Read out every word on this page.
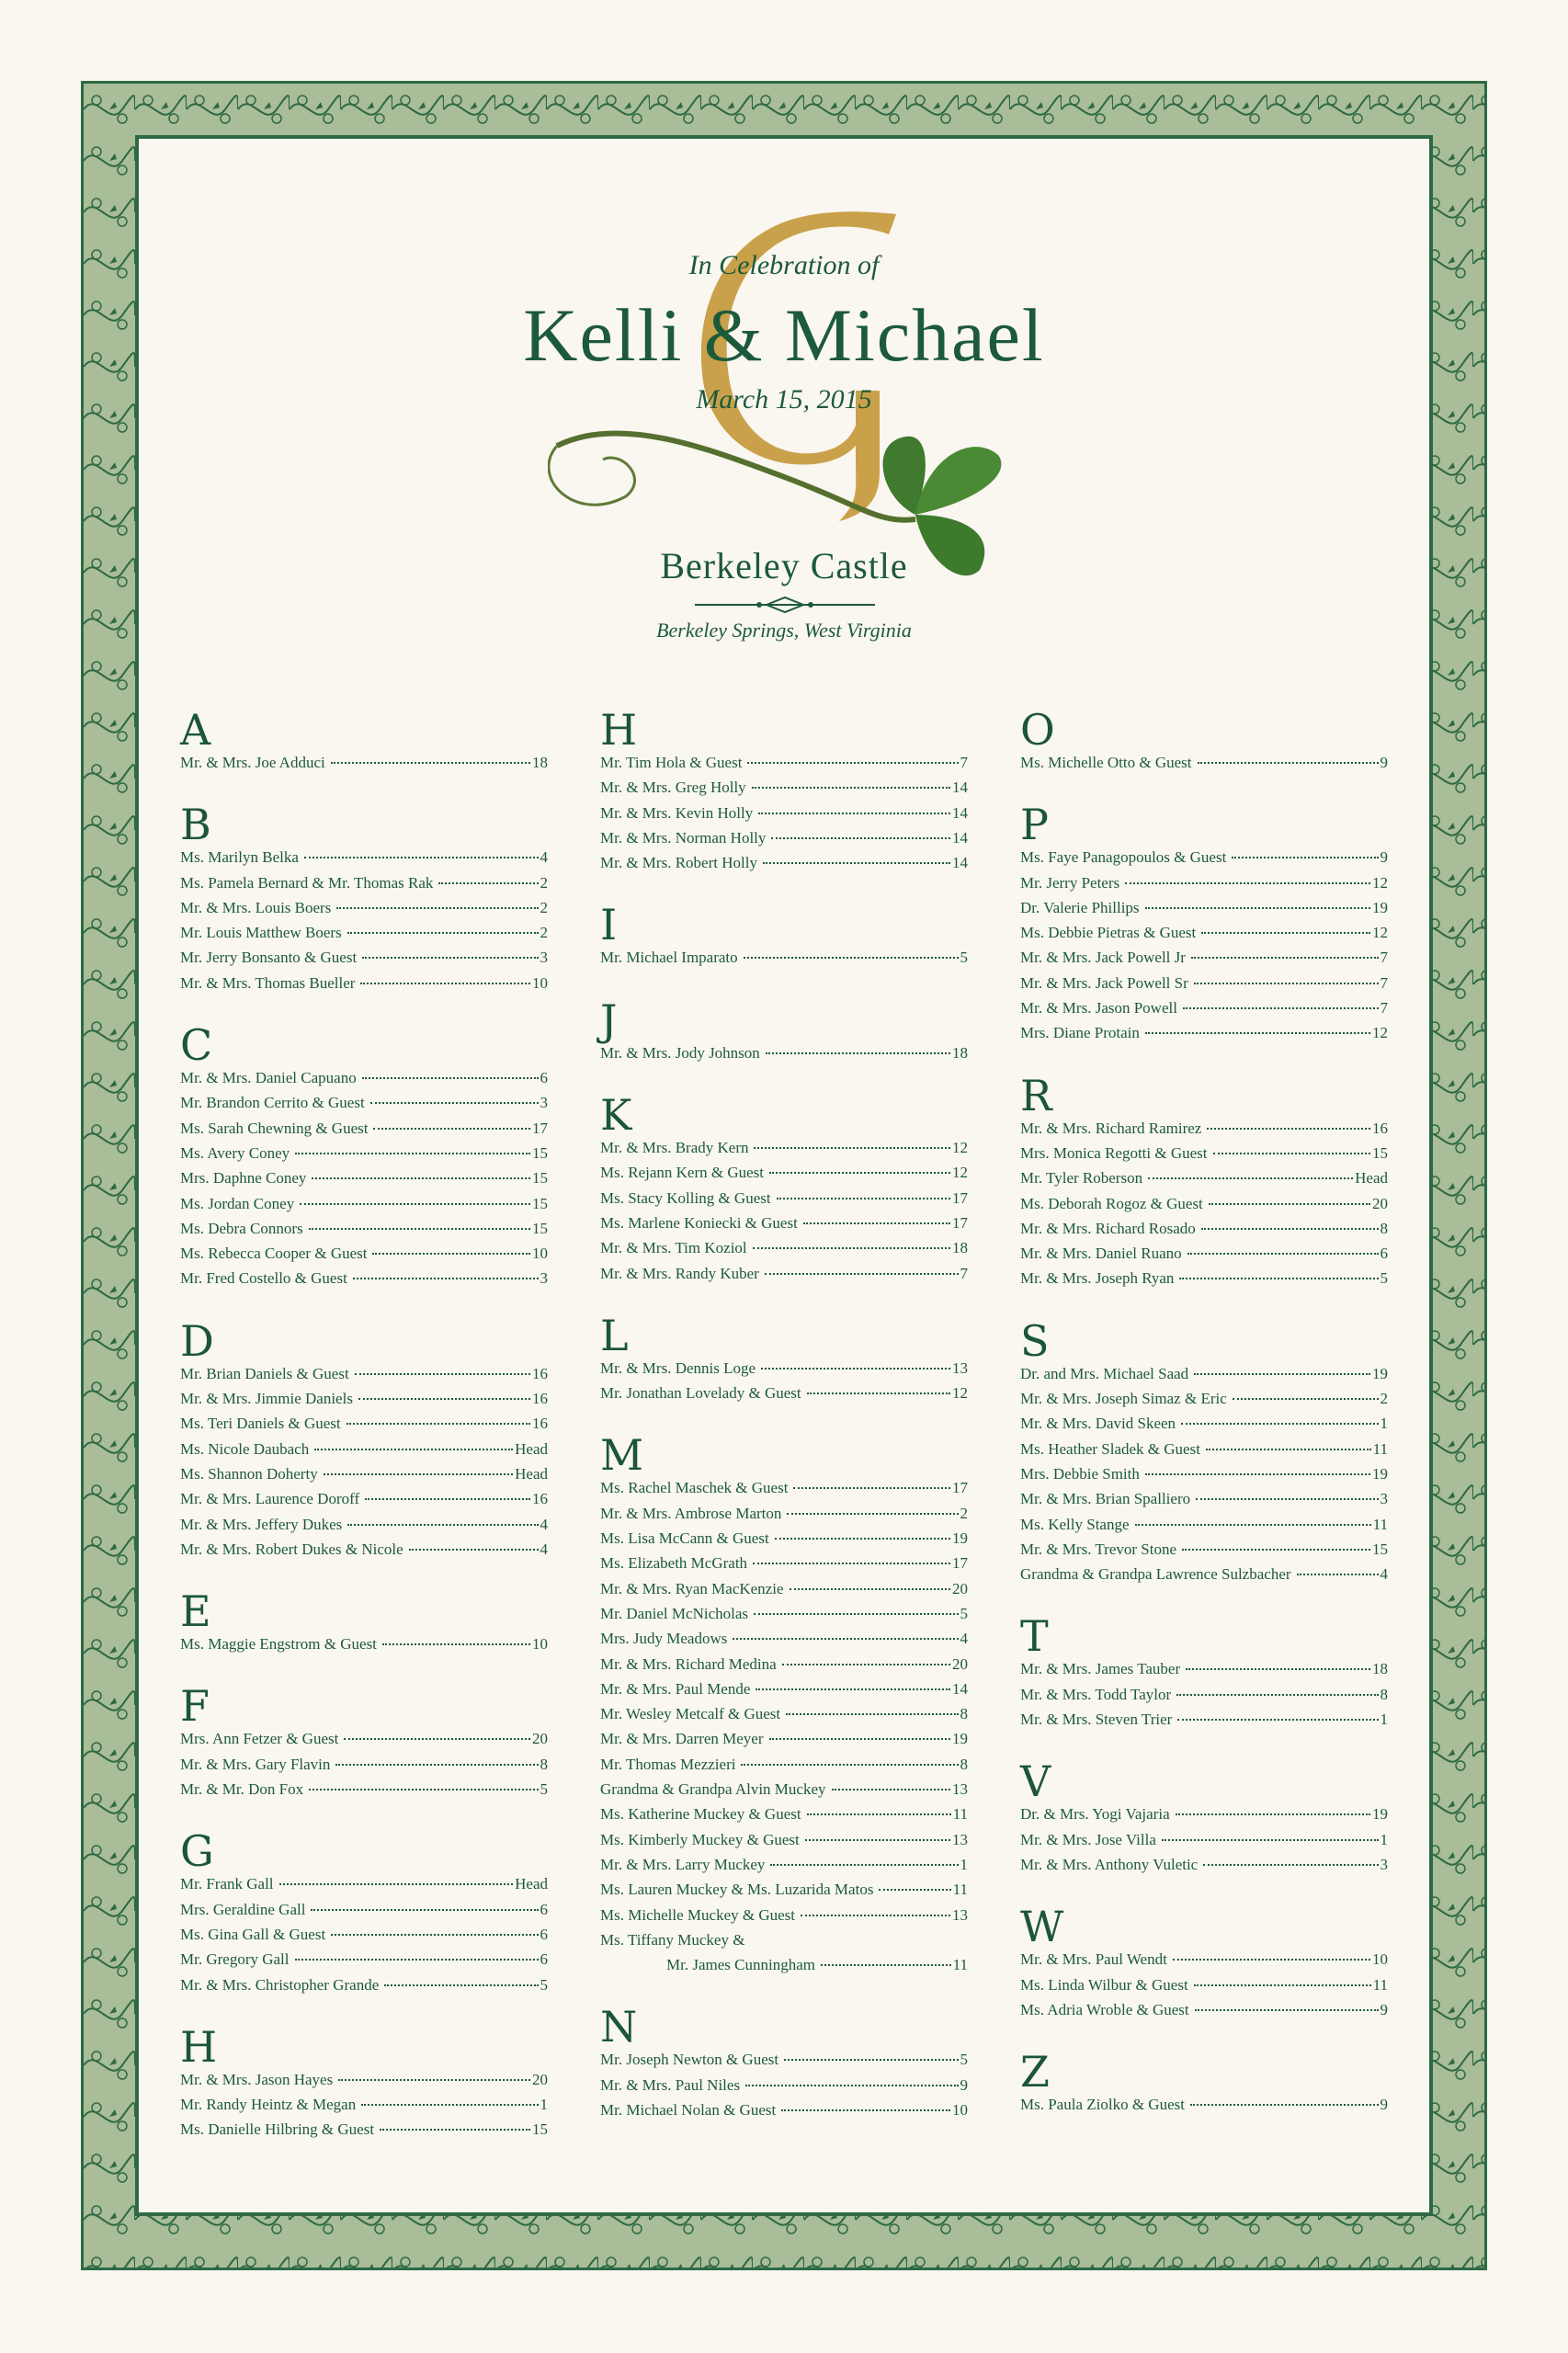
In Celebration of
Kelli & Michael
March 15, 2015
Berkeley Castle
Berkeley Springs, West Virginia
A
Mr. & Mrs. Joe Adduci	18
B
Ms. Marilyn Belka	4
Ms. Pamela Bernard & Mr. Thomas Rak	2
Mr. & Mrs. Louis Boers	2
Mr. Louis Matthew Boers	2
Mr. Jerry Bonsanto & Guest	3
Mr. & Mrs. Thomas Bueller	10
C
Mr. & Mrs. Daniel Capuano	6
Mr. Brandon Cerrito & Guest	3
Ms. Sarah Chewning & Guest	17
Ms. Avery Coney	15
Mrs. Daphne Coney	15
Ms. Jordan Coney	15
Ms. Debra Connors	15
Ms. Rebecca Cooper & Guest	10
Mr. Fred Costello & Guest	3
D
Mr. Brian Daniels & Guest	16
Mr. & Mrs. Jimmie Daniels	16
Ms. Teri Daniels & Guest	16
Ms. Nicole Daubach	Head
Ms. Shannon Doherty	Head
Mr. & Mrs. Laurence Doroff	16
Mr. & Mrs. Jeffery Dukes	4
Mr. & Mrs. Robert Dukes & Nicole	4
E
Ms. Maggie Engstrom & Guest	10
F
Mrs. Ann Fetzer & Guest	20
Mr. & Mrs. Gary Flavin	8
Mr. & Mr. Don Fox	5
G
Mr. Frank Gall	Head
Mrs. Geraldine Gall	6
Ms. Gina Gall & Guest	6
Mr. Gregory Gall	6
Mr. & Mrs. Christopher Grande	5
H
Mr. & Mrs. Jason Hayes	20
Mr. Randy Heintz & Megan	1
Ms. Danielle Hilbring & Guest	15
H
Mr. Tim Hola & Guest	7
Mr. & Mrs. Greg Holly	14
Mr. & Mrs. Kevin Holly	14
Mr. & Mrs. Norman Holly	14
Mr. & Mrs. Robert Holly	14
I
Mr. Michael Imparato	5
J
Mr. & Mrs. Jody Johnson	18
K
Mr. & Mrs. Brady Kern	12
Ms. Rejann Kern & Guest	12
Ms. Stacy Kolling & Guest	17
Ms. Marlene Koniecki & Guest	17
Mr. & Mrs. Tim Koziol	18
Mr. & Mrs. Randy Kuber	7
L
Mr. & Mrs. Dennis Loge	13
Mr. Jonathan Lovelady & Guest	12
M
Ms. Rachel Maschek & Guest	17
Mr. & Mrs. Ambrose Marton	2
Ms. Lisa McCann & Guest	19
Ms. Elizabeth McGrath	17
Mr. & Mrs. Ryan MacKenzie	20
Mr. Daniel McNicholas	5
Mrs. Judy Meadows	4
Mr. & Mrs. Richard Medina	20
Mr. & Mrs. Paul Mende	14
Mr. Wesley Metcalf & Guest	8
Mr. & Mrs. Darren Meyer	19
Mr. Thomas Mezzieri	8
Grandma & Grandpa Alvin Muckey	13
Ms. Katherine Muckey & Guest	11
Ms. Kimberly Muckey & Guest	13
Mr. & Mrs. Larry Muckey	1
Ms. Lauren Muckey & Ms. Luzarida Matos	11
Ms. Michelle Muckey & Guest	13
Ms. Tiffany Muckey &
Mr. James Cunningham	11
N
Mr. Joseph Newton & Guest	5
Mr. & Mrs. Paul Niles	9
Mr. Michael Nolan & Guest	10
O
Ms. Michelle Otto & Guest	9
P
Ms. Faye Panagopoulos & Guest	9
Mr. Jerry Peters	12
Dr. Valerie Phillips	19
Ms. Debbie Pietras & Guest	12
Mr. & Mrs. Jack Powell Jr	7
Mr. & Mrs. Jack Powell Sr	7
Mr. & Mrs. Jason Powell	7
Mrs. Diane Protain	12
R
Mr. & Mrs. Richard Ramirez	16
Mrs. Monica Regotti & Guest	15
Mr. Tyler Roberson	Head
Ms. Deborah Rogoz & Guest	20
Mr. & Mrs. Richard Rosado	8
Mr. & Mrs. Daniel Ruano	6
Mr. & Mrs. Joseph Ryan	5
S
Dr. and Mrs. Michael Saad	19
Mr. & Mrs. Joseph Simaz & Eric	2
Mr. & Mrs. David Skeen	1
Ms. Heather Sladek & Guest	11
Mrs. Debbie Smith	19
Mr. & Mrs. Brian Spalliero	3
Ms. Kelly Stange	11
Mr. & Mrs. Trevor Stone	15
Grandma & Grandpa Lawrence Sulzbacher	4
T
Mr. & Mrs. James Tauber	18
Mr. & Mrs. Todd Taylor	8
Mr. & Mrs. Steven Trier	1
V
Dr. & Mrs. Yogi Vajaria	19
Mr. & Mrs. Jose Villa	1
Mr. & Mrs. Anthony Vuletic	3
W
Mr. & Mrs. Paul Wendt	10
Ms. Linda Wilbur & Guest	11
Ms. Adria Wroble & Guest	9
Z
Ms. Paula Ziolko & Guest	9
